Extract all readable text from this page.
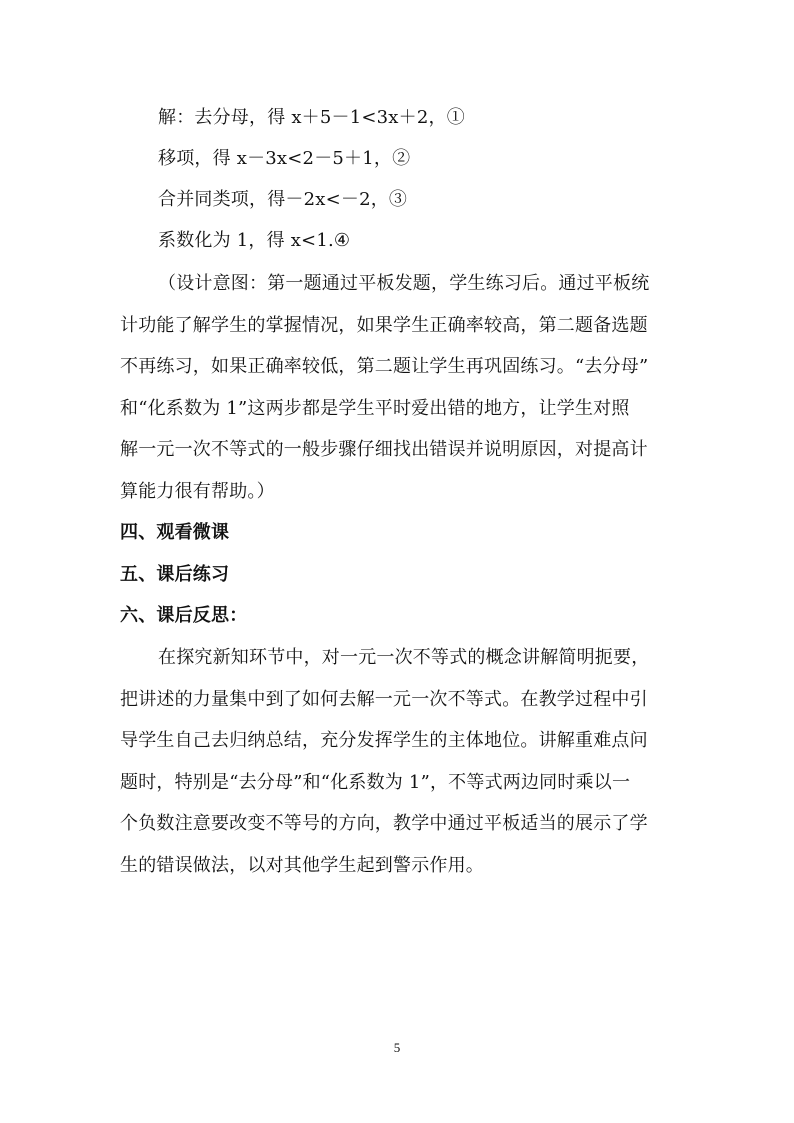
解：去分母，得 x＋5－1<3x＋2，①
移项，得 x－3x<2－5＋1，②
合并同类项，得－2x<－2，③
系数化为 1，得 x<1.④
（设计意图：第一题通过平板发题，学生练习后。通过平板统
计功能了解学生的掌握情况，如果学生正确率较高，第二题备选题
不再练习，如果正确率较低，第二题让学生再巩固练习。“去分母”
和“化系数为 1”这两步都是学生平时爱出错的地方，让学生对照
解一元一次不等式的一般步骤仔细找出错误并说明原因，对提高计
算能力很有帮助。）
四、观看微课
五、课后练习
六、课后反思：
在探究新知环节中，对一元一次不等式的概念讲解简明扼要，
把讲述的力量集中到了如何去解一元一次不等式。在教学过程中引
导学生自己去归纳总结，充分发挥学生的主体地位。讲解重难点问
题时，特别是“去分母”和“化系数为 1”，不等式两边同时乘以一
个负数注意要改变不等号的方向，教学中通过平板适当的展示了学
生的错误做法，以对其他学生起到警示作用。
5
